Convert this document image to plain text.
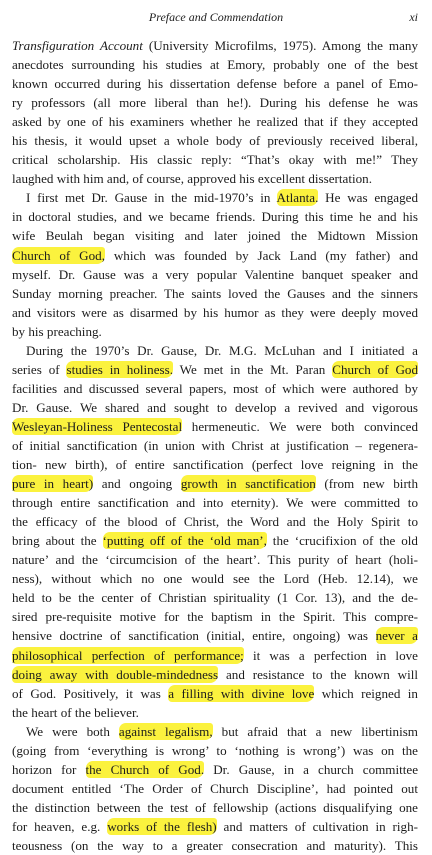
Preface and Commendation	xi
Transfiguration Account (University Microfilms, 1975). Among the many
anecdotes surrounding his studies at Emory, probably one of the best
known occurred during his dissertation defense before a panel of Emo-
ry professors (all more liberal than he!). During his defense he was
asked by one of his examiners whether he realized that if they accepted
his thesis, it would upset a whole body of previously received liberal,
critical scholarship. His classic reply: “That’s okay with me!” They
laughed with him and, of course, approved his excellent dissertation.
I first met Dr. Gause in the mid-1970’s in Atlanta. He was engaged
in doctoral studies, and we became friends. During this time he and his
wife Beulah began visiting and later joined the Midtown Mission
Church of God, which was founded by Jack Land (my father) and
myself. Dr. Gause was a very popular Valentine banquet speaker and
Sunday morning preacher. The saints loved the Gauses and the sinners
and visitors were as disarmed by his humor as they were deeply moved
by his preaching.
During the 1970’s Dr. Gause, Dr. M.G. McLuhan and I initiated a
series of studies in holiness. We met in the Mt. Paran Church of God
facilities and discussed several papers, most of which were authored by
Dr. Gause. We shared and sought to develop a revived and vigorous
Wesleyan-Holiness Pentecostal hermeneutic. We were both convinced
of initial sanctification (in union with Christ at justification – regenera-
tion- new birth), of entire sanctification (perfect love reigning in the
pure in heart) and ongoing growth in sanctification (from new birth
through entire sanctification and into eternity). We were committed to
the efficacy of the blood of Christ, the Word and the Holy Spirit to
bring about the ‘putting off of the ‘old man’, the ‘crucifixion of the old
nature’ and the ‘circumcision of the heart’. This purity of heart (holi-
ness), without which no one would see the Lord (Heb. 12.14), we
held to be the center of Christian spirituality (1 Cor. 13), and the de-
sired pre-requisite motive for the baptism in the Spirit. This compre-
hensive doctrine of sanctification (initial, entire, ongoing) was never a
philosophical perfection of performance; it was a perfection in love
doing away with double-mindedness and resistance to the known will
of God. Positively, it was a filling with divine love which reigned in
the heart of the believer.
We were both against legalism, but afraid that a new libertinism
(going from ‘everything is wrong’ to ‘nothing is wrong’) was on the
horizon for the Church of God. Dr. Gause, in a church committee
document entitled ‘The Order of Church Discipline’, had pointed out
the distinction between the test of fellowship (actions disqualifying one
for heaven, e.g. works of the flesh) and matters of cultivation in righ-
teousness (on the way to a greater consecration and maturity). This
